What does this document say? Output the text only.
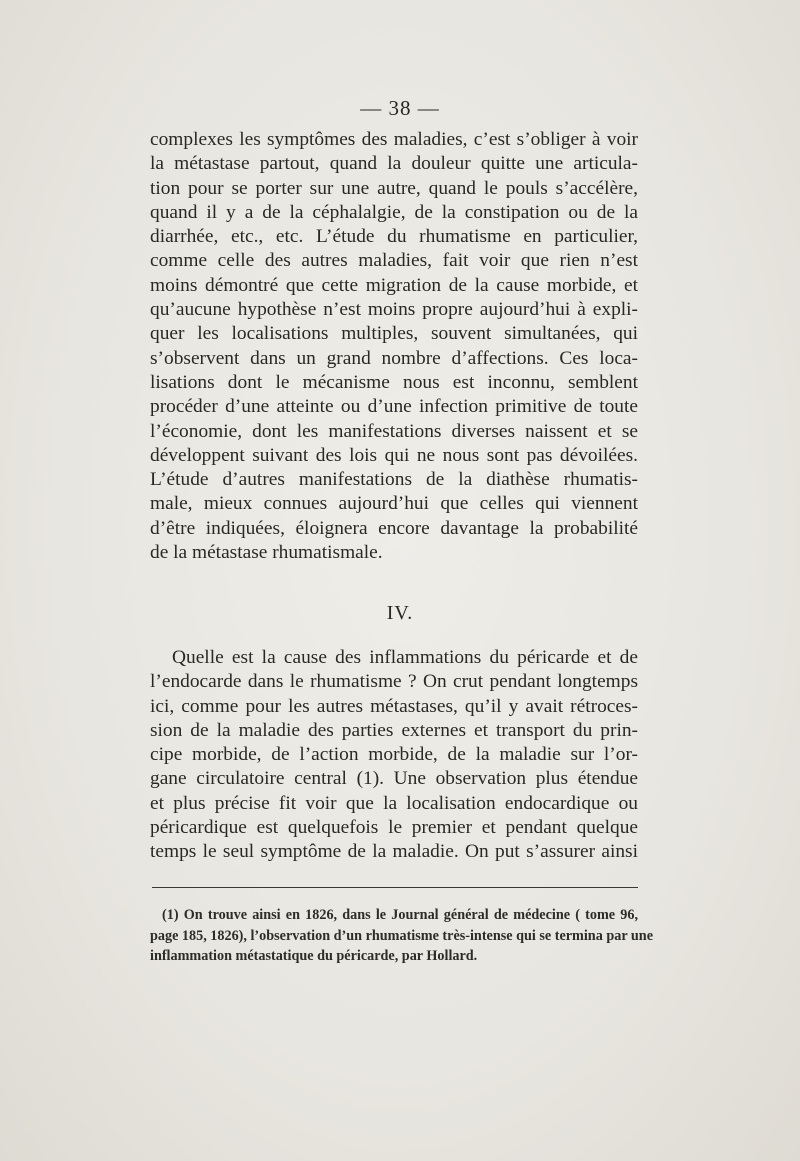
— 38 —
complexes les symptômes des maladies, c’est s’obliger à voir
la métastase partout, quand la douleur quitte une articula-
tion pour se porter sur une autre, quand le pouls s’accélère,
quand il y a de la céphalalgie, de la constipation ou de la
diarrhée, etc., etc. L’étude du rhumatisme en particulier,
comme celle des autres maladies, fait voir que rien n’est
moins démontré que cette migration de la cause morbide, et
qu’aucune hypothèse n’est moins propre aujourd’hui à expli-
quer les localisations multiples, souvent simultanées, qui
s’observent dans un grand nombre d’affections. Ces loca-
lisations dont le mécanisme nous est inconnu, semblent
procéder d’une atteinte ou d’une infection primitive de toute
l’économie, dont les manifestations diverses naissent et se
développent suivant des lois qui ne nous sont pas dévoilées.
L’étude d’autres manifestations de la diathèse rhumatis-
male, mieux connues aujourd’hui que celles qui viennent
d’être indiquées, éloignera encore davantage la probabilité
de la métastase rhumatismale.
IV.
Quelle est la cause des inflammations du péricarde et de
l’endocarde dans le rhumatisme ? On crut pendant longtemps
ici, comme pour les autres métastases, qu’il y avait rétroces-
sion de la maladie des parties externes et transport du prin-
cipe morbide, de l’action morbide, de la maladie sur l’or-
gane circulatoire central (1). Une observation plus étendue
et plus précise fit voir que la localisation endocardique ou
péricardique est quelquefois le premier et pendant quelque
temps le seul symptôme de la maladie. On put s’assurer ainsi
(1) On trouve ainsi en 1826, dans le Journal général de médecine ( tome 96,
page 185, 1826), l’observation d’un rhumatisme très-intense qui se termina par une
inflammation métastatique du péricarde, par Hollard.
